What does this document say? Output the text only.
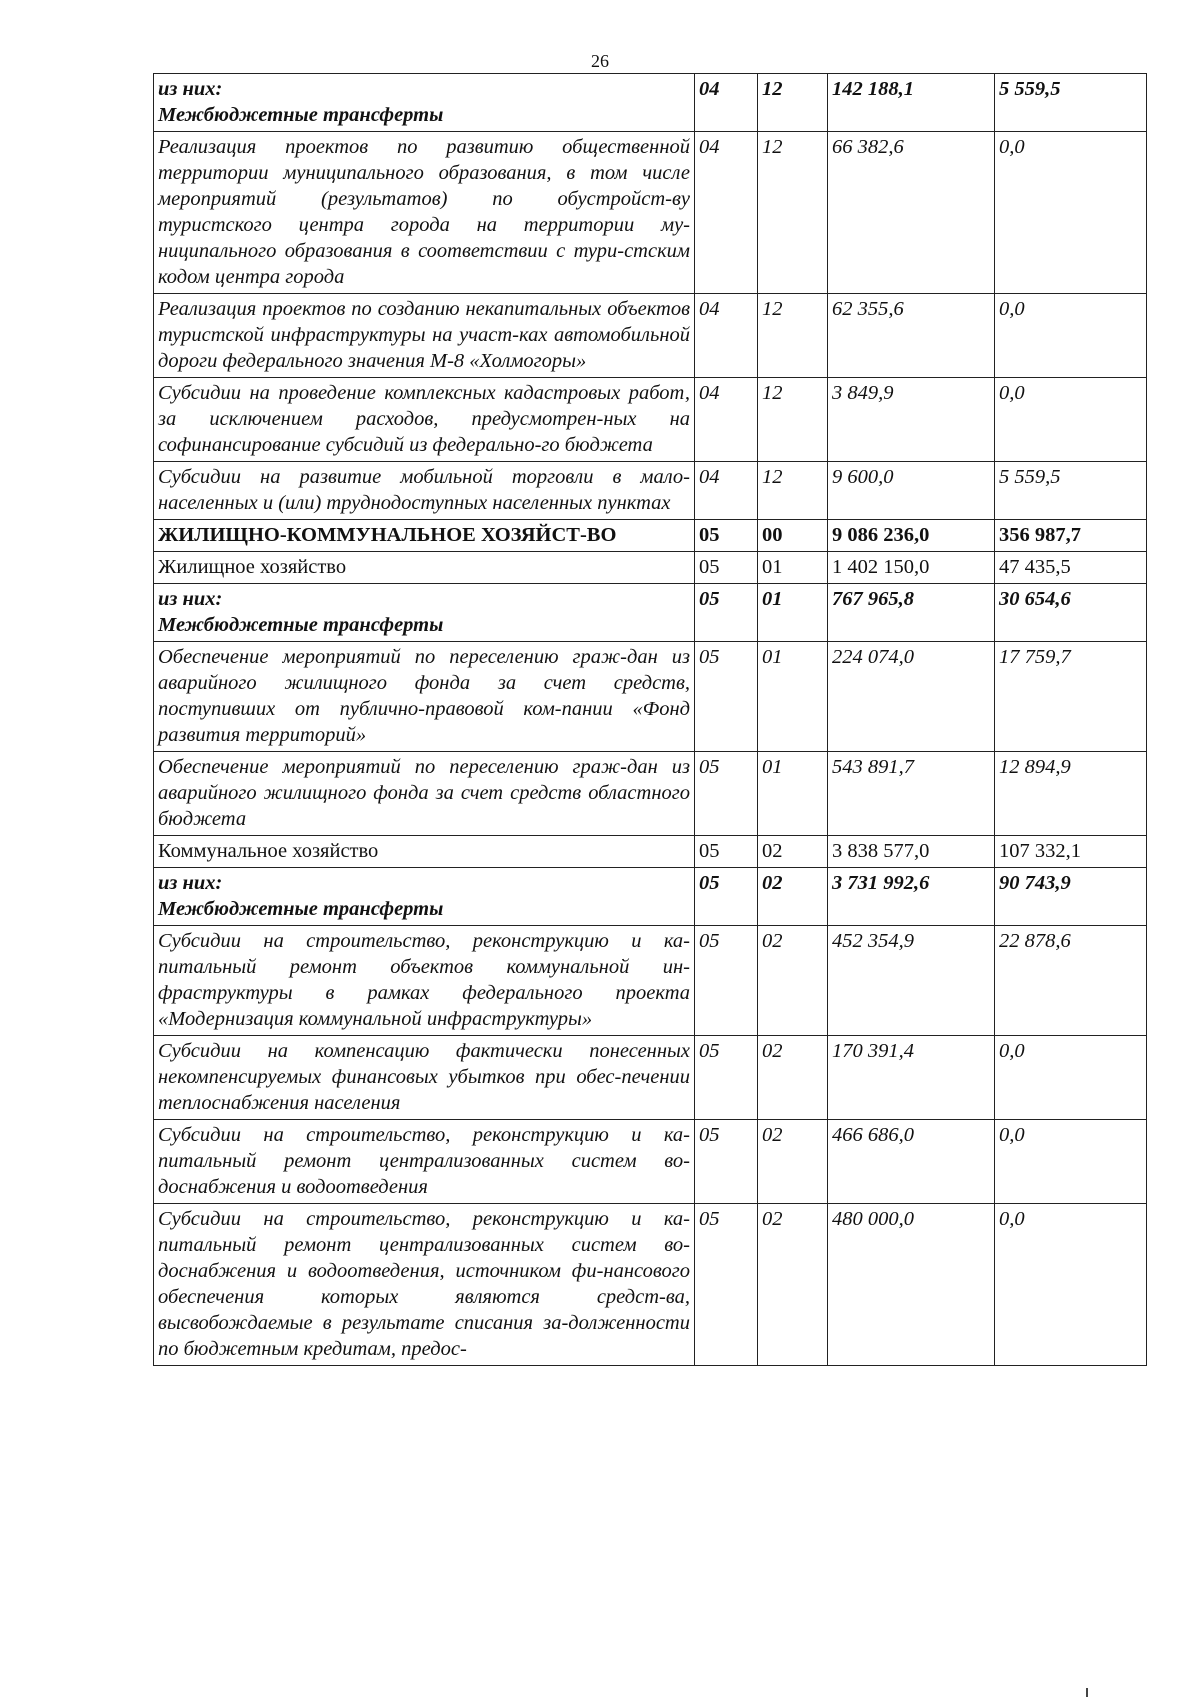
26
из них:
Межбюджетные трансферты	04	12	142 188,1	5 559,5

Реализация проектов по развитию общественной территории муниципального образования, в том числе мероприятий (результатов) по обустройст-ву туристского центра города на территории му-ниципального образования в соответствии с тури-стским кодом центра города	04	12	66 382,6	0,0

Реализация проектов по созданию некапитальных объектов туристской инфраструктуры на участ-ках автомобильной дороги федерального значения М-8 «Холмогоры»	04	12	62 355,6	0,0

Субсидии на проведение комплексных кадастровых работ, за исключением расходов, предусмотрен-ных на софинансирование субсидий из федерально-го бюджета	04	12	3 849,9	0,0

Субсидии на развитие мобильной торговли в мало-населенных и (или) труднодоступных населенных пунктах	04	12	9 600,0	5 559,5

ЖИЛИЩНО-КОММУНАЛЬНОЕ ХОЗЯЙСТ-ВО	05	00	9 086 236,0	356 987,7

Жилищное хозяйство	05	01	1 402 150,0	47 435,5

из них:
Межбюджетные трансферты	05	01	767 965,8	30 654,6

Обеспечение мероприятий по переселению граж-дан из аварийного жилищного фонда за счет средств, поступивших от публично-правовой ком-пании «Фонд развития территорий»	05	01	224 074,0	17 759,7

Обеспечение мероприятий по переселению граж-дан из аварийного жилищного фонда за счет средств областного бюджета	05	01	543 891,7	12 894,9

Коммунальное хозяйство	05	02	3 838 577,0	107 332,1

из них:
Межбюджетные трансферты	05	02	3 731 992,6	90 743,9

Субсидии на строительство, реконструкцию и ка-питальный ремонт объектов коммунальной ин-фраструктуры в рамках федерального проекта «Модернизация коммунальной инфраструктуры»	05	02	452 354,9	22 878,6

Субсидии на компенсацию фактически понесенных некомпенсируемых финансовых убытков при обес-печении теплоснабжения населения	05	02	170 391,4	0,0

Субсидии на строительство, реконструкцию и ка-питальный ремонт централизованных систем во-доснабжения и водоотведения	05	02	466 686,0	0,0

Субсидии на строительство, реконструкцию и ка-питальный ремонт централизованных систем во-доснабжения и водоотведения, источником фи-нансового обеспечения которых являются средст-ва, высвобождаемые в результате списания за-долженности по бюджетным кредитам, предос-	05	02	480 000,0	0,0
